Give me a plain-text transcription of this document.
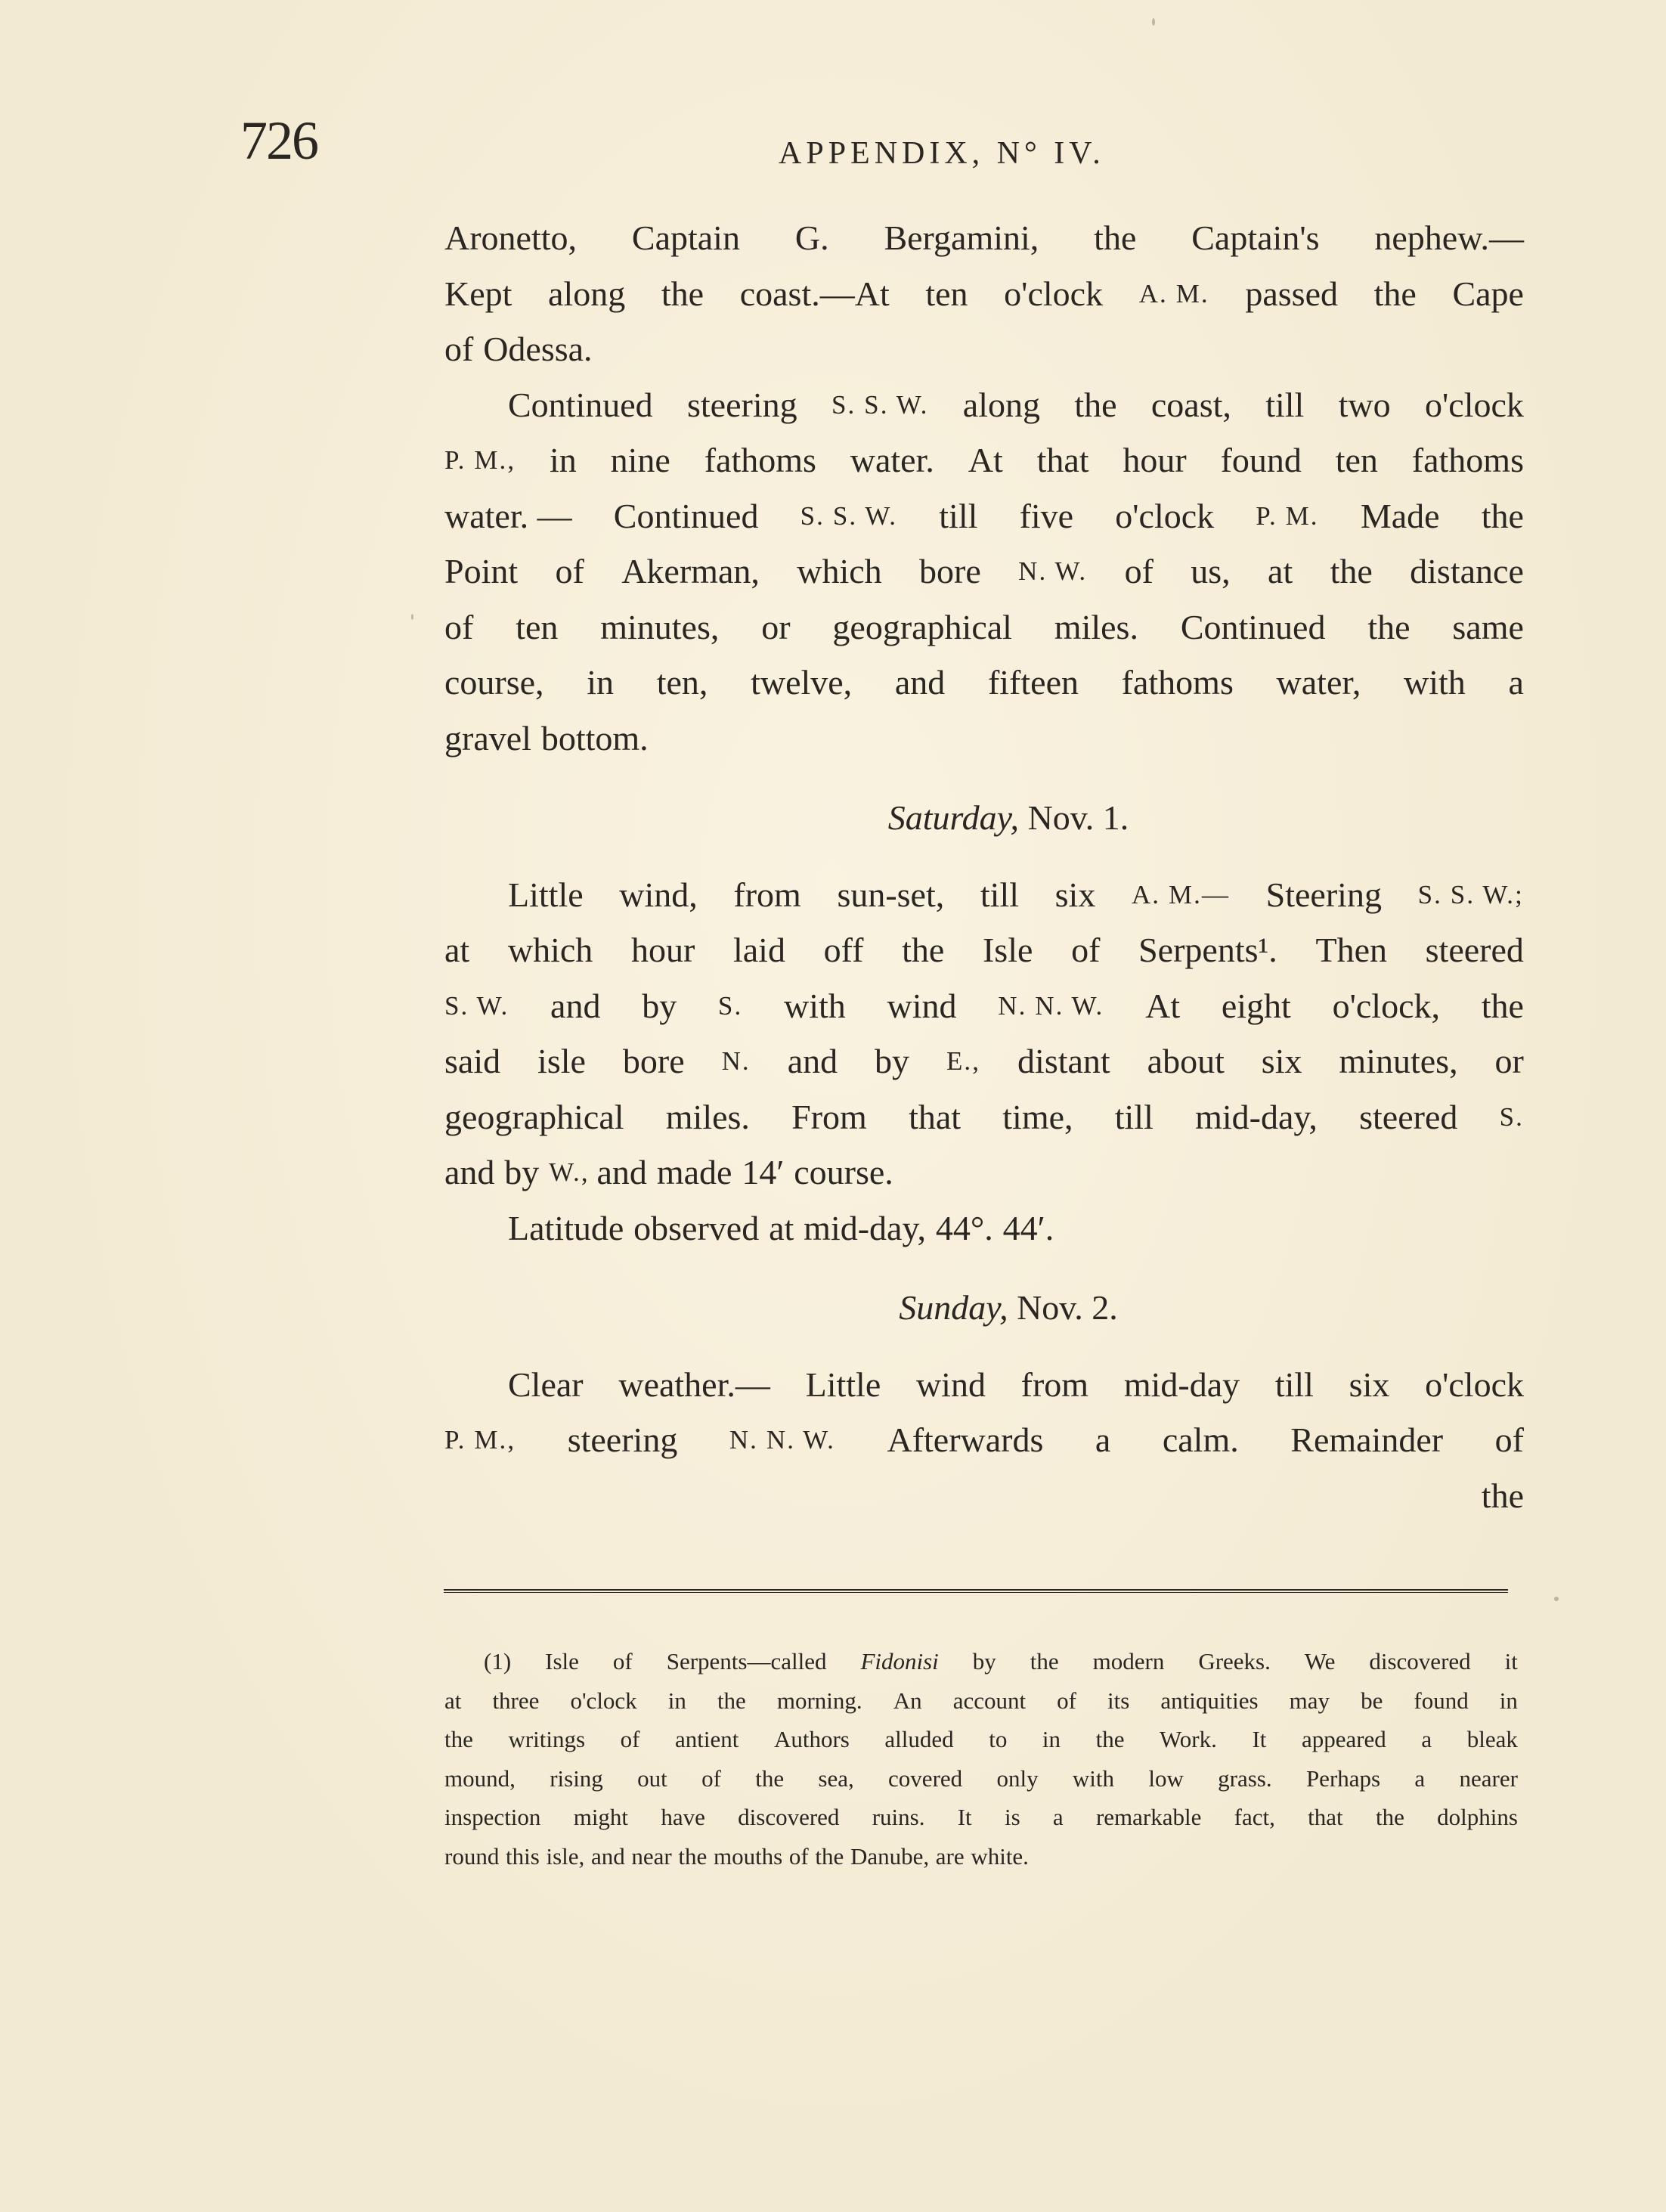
726	APPENDIX, N° IV.
Aronetto, Captain G. Bergamini, the Captain's nephew.—
Kept along the coast.—At ten o'clock A. M. passed the Cape
of Odessa.
Continued steering S. S. W. along the coast, till two o'clock
P. M., in nine fathoms water. At that hour found ten fathoms
water. — Continued S. S. W. till five o'clock P. M. Made the
Point of Akerman, which bore N. W. of us, at the distance
of ten minutes, or geographical miles. Continued the same
course, in ten, twelve, and fifteen fathoms water, with a
gravel bottom.
Saturday, Nov. 1.
Little wind, from sun-set, till six A. M.— Steering S. S. W.;
at which hour laid off the Isle of Serpents¹. Then steered
S. W. and by S. with wind N. N. W. At eight o'clock, the
said isle bore N. and by E., distant about six minutes, or
geographical miles. From that time, till mid-day, steered S.
and by W., and made 14′ course.
Latitude observed at mid-day, 44°. 44′.
Sunday, Nov. 2.
Clear weather.— Little wind from mid-day till six o'clock
P. M., steering N. N. W. Afterwards a calm. Remainder of
the
(1) Isle of Serpents—called Fidonisi by the modern Greeks. We discovered it
at three o'clock in the morning. An account of its antiquities may be found in
the writings of antient Authors alluded to in the Work. It appeared a bleak
mound, rising out of the sea, covered only with low grass. Perhaps a nearer
inspection might have discovered ruins. It is a remarkable fact, that the dolphins
round this isle, and near the mouths of the Danube, are white.
